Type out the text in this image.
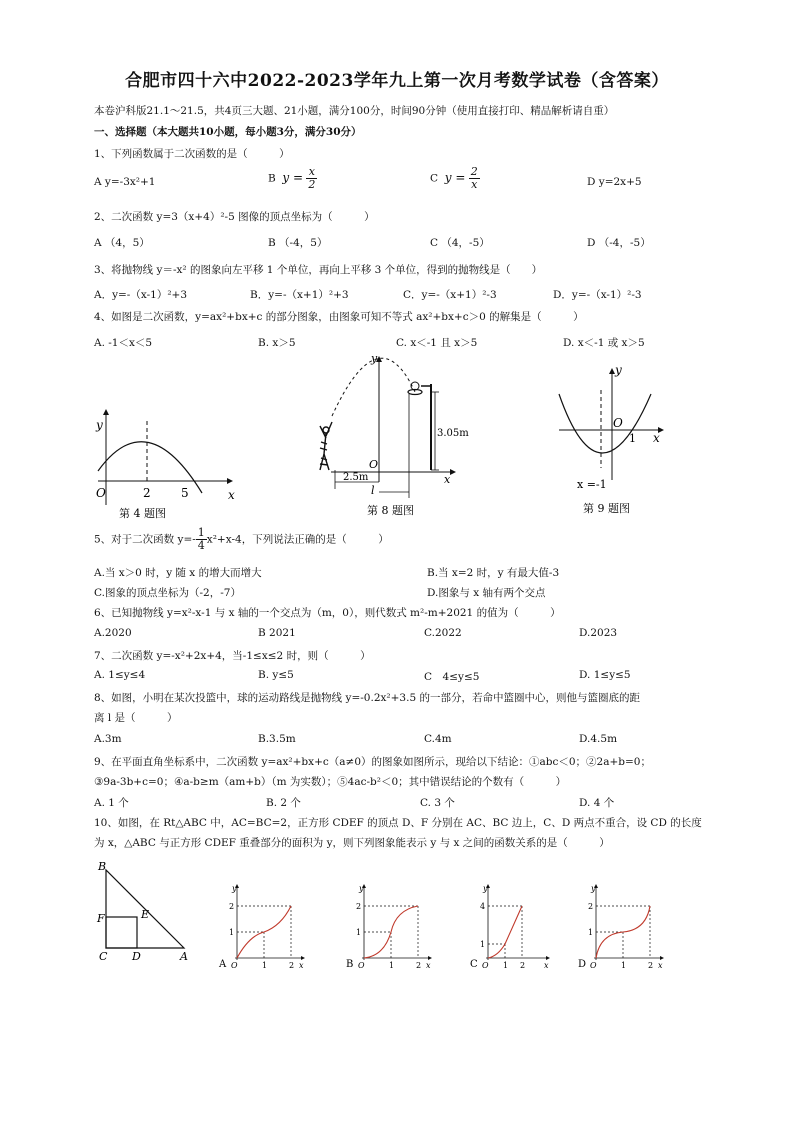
合肥市四十六中2022-2023学年九上第一次月考数学试卷（含答案）
本卷沪科版21.1～21.5，共4页三大题、21小题，满分100分，时间90分钟（使用直接打印、精品解析请自重）
一、选择题（本大题共10小题，每小题3分，满分30分）
1、下列函数属于二次函数的是（　　　）
A y=-3x²+1	B $y = \frac{x}{2}$	C $y = \frac{2}{x}$	D y=2x+5
2、二次函数 y=3（x+4）²-5 图像的顶点坐标为（　　　）
A （4，5）	B （-4，5）	C （4，-5）	D （-4，-5）
3、将抛物线 y＝-x² 的图象向左平移 1 个单位，再向上平移 3 个单位，得到的抛物线是（　　）
A．y=-（x-1）²+3	B．y=-（x+1）²+3	C．y=-（x+1）²-3	D．y=-（x-1）²-3
4、如图是二次函数，y=ax²+bx+c 的部分图象，由图象可知不等式 ax²+bx+c＞0 的解集是（　　　）
A. -1＜x＜5	B. x＞5	C. x＜-1 且 x＞5	D. x＜-1 或 x＞5
y
x
O	2	5
第 4 题图
y
x
O
3.05m
2.5m
l
第 8 题图
y
x
O
1
x =-1
第 9 题图
5、对于二次函数 $y=- \frac{1}{4} x^2+x-4$，下列说法正确的是（　　　）
A.当 x＞0 时，y 随 x 的增大而增大	B.当 x=2 时，y 有最大值-3
C.图象的顶点坐标为（-2，-7）	D.图象与 x 轴有两个交点
6、已知抛物线 y=x²-x-1 与 x 轴的一个交点为（m，0），则代数式 m²-m+2021 的值为（　　　）
A.2020	B 2021	C.2022	D.2023
7、二次函数 y=-x²+2x+4，当-1≤x≤2 时，则（　　　）
A. 1≤y≤4	B. y≤5	C　4≤y≤5	D. 1≤y≤5
8、如图，小明在某次投篮中，球的运动路线是抛物线 y=-0.2x²+3.5 的一部分，若命中篮圈中心，则他与篮圈底的距
离 l 是（　　　）
A.3m	B.3.5m	C.4m	D.4.5m
9、在平面直角坐标系中，二次函数 y=ax²+bx+c（a≠0）的图象如图所示，现给以下结论：①abc＜0；②2a+b=0；
③9a-3b+c=0；④a-b≥m（am+b）（m 为实数）；⑤4ac-b²＜0；其中错误结论的个数有（　　　）
A. 1 个	B. 2 个	C. 3 个	D. 4 个
10、如图，在 Rt△ABC 中，AC=BC=2，正方形 CDEF 的顶点 D、F 分别在 AC、BC 边上，C、D 两点不重合，设 CD 的长度
为 x，△ABC 与正方形 CDEF 重叠部分的面积为 y，则下列图象能表示 y 与 x 之间的函数关系的是（　　　）
B
F	E
C D	A
y
x
O
2
1
1	2
A
y
x
O
2
1
1	2
B
y
x
O
4
1
1 2
C
y
x
O
2
1
1	2
D
